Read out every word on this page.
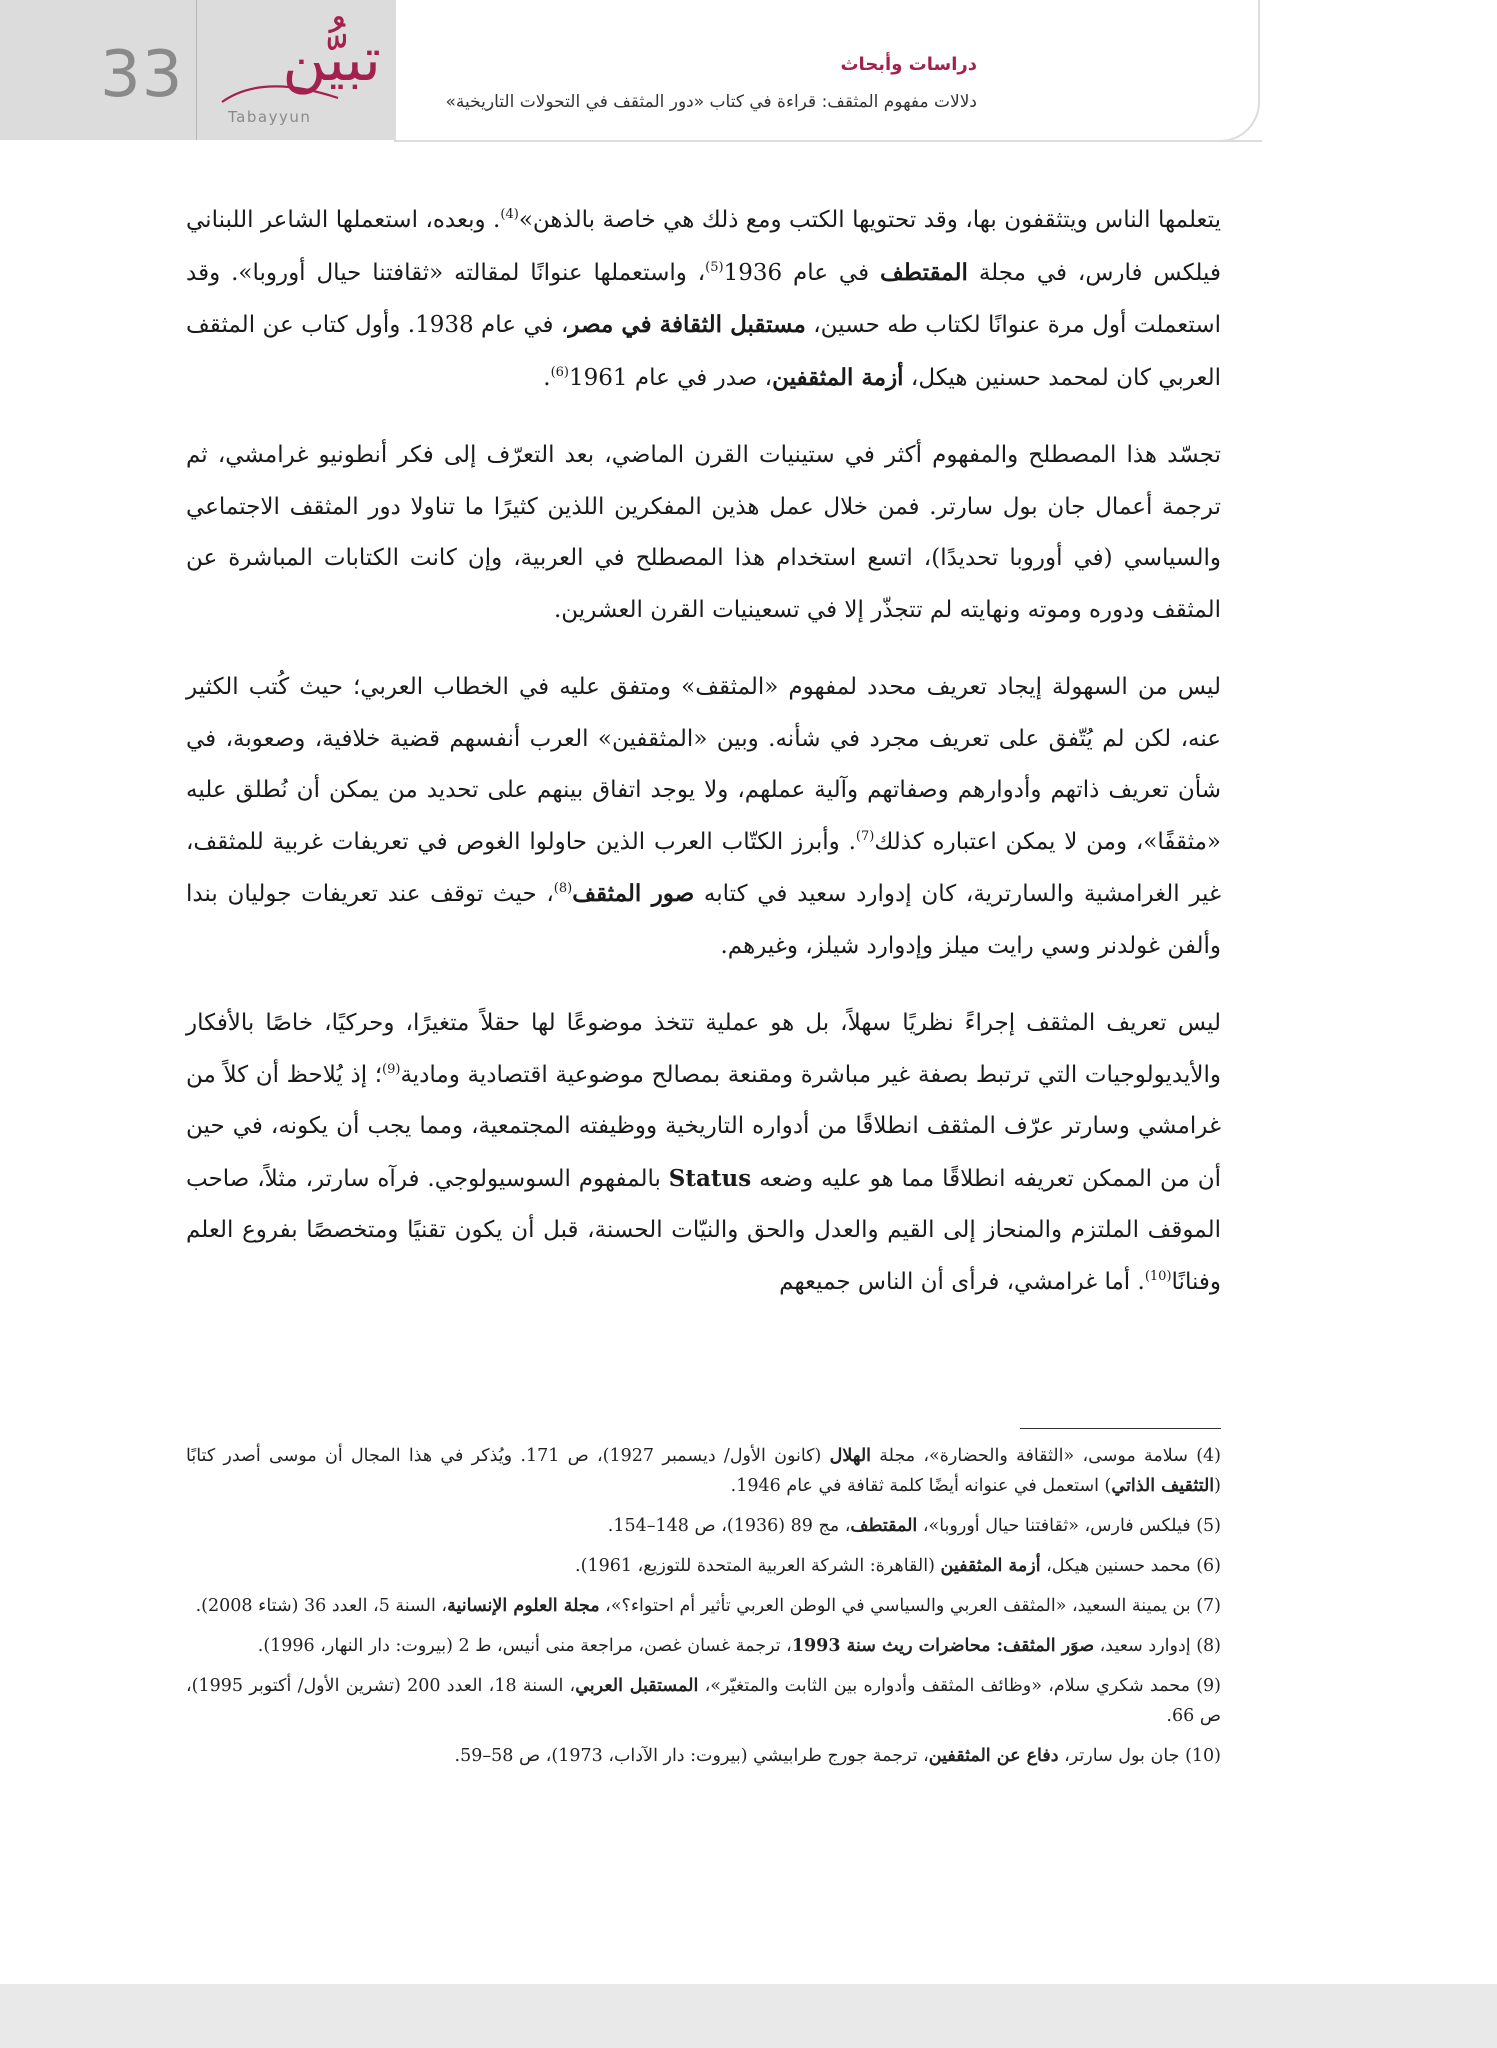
33 تبيُّن
Tabayyun
دراسات وأبحاث
دلالات مفهوم المثقف: قراءة في كتاب «دور المثقف في التحولات التاريخية»

يتعلمها الناس ويتثقفون بها، وقد تحتويها الكتب ومع ذلك هي خاصة بالذهن»$^{(4)}$. وبعده، استعملها الشاعر اللبناني فيلكس فارس، في مجلة المقتطف في عام 1936$^{(5)}$، واستعملها عنوانًا لمقالته «ثقافتنا حيال أوروبا». وقد استعملت أول مرة عنوانًا لكتاب طه حسين، مستقبل الثقافة في مصر، في عام 1938. وأول كتاب عن المثقف العربي كان لمحمد حسنين هيكل، أزمة المثقفين، صدر في عام 1961$^{(6)}$.

تجسّد هذا المصطلح والمفهوم أكثر في ستينيات القرن الماضي، بعد التعرّف إلى فكر أنطونيو غرامشي، ثم ترجمة أعمال جان بول سارتر. فمن خلال عمل هذين المفكرين اللذين كثيرًا ما تناولا دور المثقف الاجتماعي والسياسي (في أوروبا تحديدًا)، اتسع استخدام هذا المصطلح في العربية، وإن كانت الكتابات المباشرة عن المثقف ودوره وموته ونهايته لم تتجذّر إلا في تسعينيات القرن العشرين.

ليس من السهولة إيجاد تعريف محدد لمفهوم «المثقف» ومتفق عليه في الخطاب العربي؛ حيث كُتب الكثير عنه، لكن لم يُتّفق على تعريف مجرد في شأنه. وبين «المثقفين» العرب أنفسهم قضية خلافية، وصعوبة، في شأن تعريف ذاتهم وأدوارهم وصفاتهم وآلية عملهم، ولا يوجد اتفاق بينهم على تحديد من يمكن أن نُطلق عليه «مثقفًا»، ومن لا يمكن اعتباره كذلك$^{(7)}$. وأبرز الكتّاب العرب الذين حاولوا الغوص في تعريفات غربية للمثقف، غير الغرامشية والسارترية، كان إدوارد سعيد في كتابه صور المثقف$^{(8)}$، حيث توقف عند تعريفات جوليان بندا وألفن غولدنر وسي رايت ميلز وإدوارد شيلز، وغيرهم.

ليس تعريف المثقف إجراءً نظريًا سهلاً، بل هو عملية تتخذ موضوعًا لها حقلاً متغيرًا، وحركيًا، خاصًا بالأفكار والأيديولوجيات التي ترتبط بصفة غير مباشرة ومقنعة بمصالح موضوعية اقتصادية ومادية$^{(9)}$؛ إذ يُلاحظ أن كلاً من غرامشي وسارتر عرّف المثقف انطلاقًا من أدواره التاريخية ووظيفته المجتمعية، ومما يجب أن يكونه، في حين أن من الممكن تعريفه انطلاقًا مما هو عليه وضعه Status بالمفهوم السوسيولوجي. فرآه سارتر، مثلاً، صاحب الموقف الملتزم والمنحاز إلى القيم والعدل والحق والنيّات الحسنة، قبل أن يكون تقنيًا ومتخصصًا بفروع العلم وفنانًا$^{(10)}$. أما غرامشي، فرأى أن الناس جميعهم

(4) سلامة موسى، «الثقافة والحضارة»، مجلة الهلال (كانون الأول/ ديسمبر 1927)، ص 171. ويُذكر في هذا المجال أن موسى أصدر كتابًا (التثقيف الذاتي) استعمل في عنوانه أيضًا كلمة ثقافة في عام 1946.

(5) فيلكس فارس، «ثقافتنا حيال أوروبا»، المقتطف، مج 89 (1936)، ص 148–154.

(6) محمد حسنين هيكل، أزمة المثقفين (القاهرة: الشركة العربية المتحدة للتوزيع، 1961).

(7) بن يمينة السعيد، «المثقف العربي والسياسي في الوطن العربي تأثير أم احتواء؟»، مجلة العلوم الإنسانية، السنة 5، العدد 36 (شتاء 2008).

(8) إدوارد سعيد، صوَر المثقف: محاضرات ريث سنة 1993، ترجمة غسان غصن، مراجعة منى أنيس، ط 2 (بيروت: دار النهار، 1996).

(9) محمد شكري سلام، «وظائف المثقف وأدواره بين الثابت والمتغيّر»، المستقبل العربي، السنة 18، العدد 200 (تشرين الأول/ أكتوبر 1995)، ص 66.

(10) جان بول سارتر، دفاع عن المثقفين، ترجمة جورج طرابيشي (بيروت: دار الآداب، 1973)، ص 58–59.
